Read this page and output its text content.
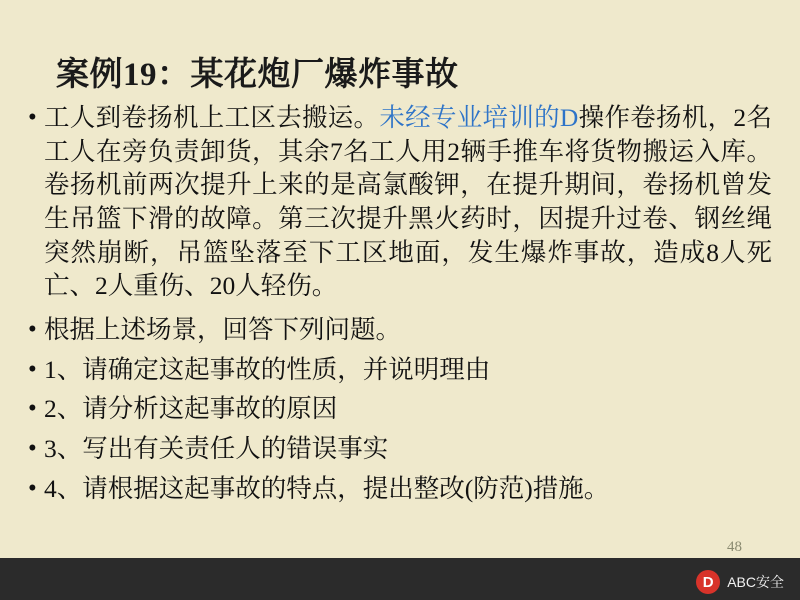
案例19：某花炮厂爆炸事故
• 工人到卷扬机上工区去搬运。未经专业培训的D操作卷扬机，2名工人在旁负责卸货，其余7名工人用2辆手推车将货物搬运入库。卷扬机前两次提升上来的是高氯酸钾，在提升期间，卷扬机曾发生吊篮下滑的故障。第三次提升黑火药时，因提升过卷、钢丝绳突然崩断，吊篮坠落至下工区地面，发生爆炸事故，造成8人死亡、2人重伤、20人轻伤。
• 根据上述场景，回答下列问题。
• 1、请确定这起事故的性质，并说明理由
• 2、请分析这起事故的原因
• 3、写出有关责任人的错误事实
• 4、请根据这起事故的特点，提出整改(防范)措施。
48
D ABC安全
